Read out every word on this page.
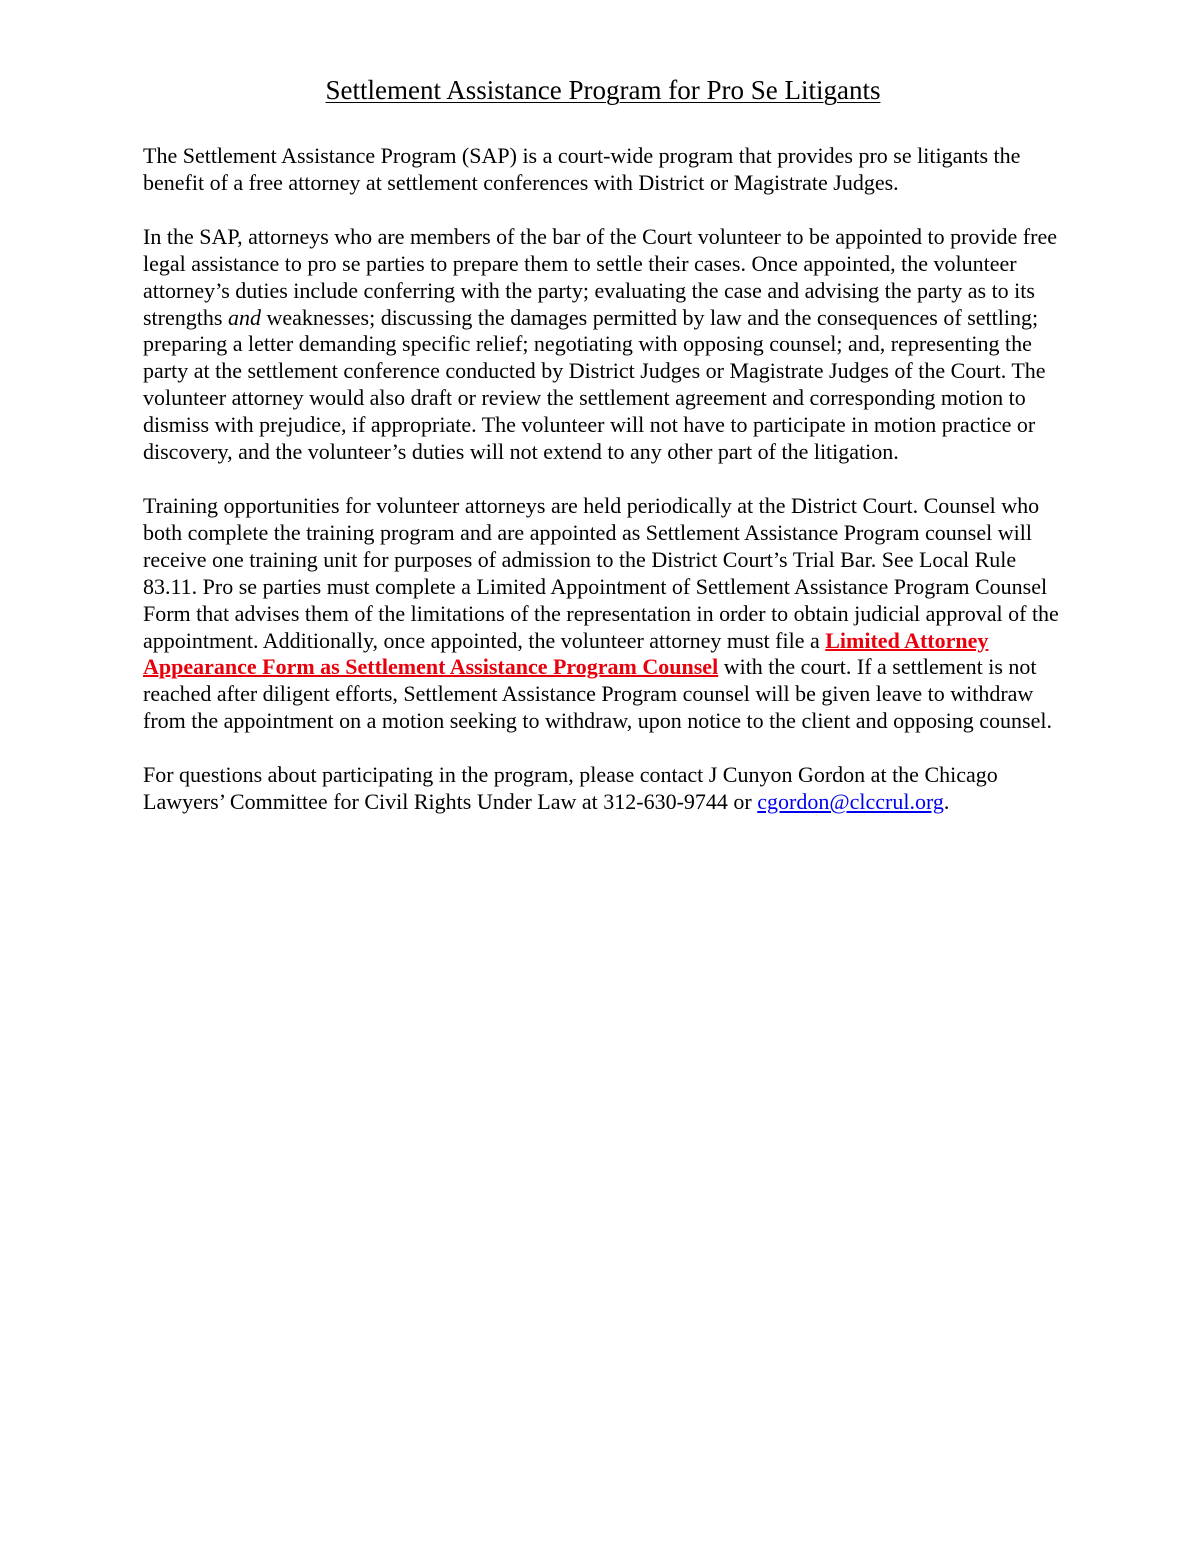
Settlement Assistance Program for Pro Se Litigants

The Settlement Assistance Program (SAP) is a court-wide program that provides pro se litigants the benefit of a free attorney at settlement conferences with District or Magistrate Judges.

In the SAP, attorneys who are members of the bar of the Court volunteer to be appointed to provide free legal assistance to pro se parties to prepare them to settle their cases. Once appointed, the volunteer attorney’s duties include conferring with the party; evaluating the case and advising the party as to its strengths and weaknesses; discussing the damages permitted by law and the consequences of settling; preparing a letter demanding specific relief; negotiating with opposing counsel; and, representing the party at the settlement conference conducted by District Judges or Magistrate Judges of the Court. The volunteer attorney would also draft or review the settlement agreement and corresponding motion to dismiss with prejudice, if appropriate. The volunteer will not have to participate in motion practice or discovery, and the volunteer’s duties will not extend to any other part of the litigation.

Training opportunities for volunteer attorneys are held periodically at the District Court. Counsel who both complete the training program and are appointed as Settlement Assistance Program counsel will receive one training unit for purposes of admission to the District Court’s Trial Bar. See Local Rule 83.11. Pro se parties must complete a Limited Appointment of Settlement Assistance Program Counsel Form that advises them of the limitations of the representation in order to obtain judicial approval of the appointment. Additionally, once appointed, the volunteer attorney must file a Limited Attorney Appearance Form as Settlement Assistance Program Counsel with the court. If a settlement is not reached after diligent efforts, Settlement Assistance Program counsel will be given leave to withdraw from the appointment on a motion seeking to withdraw, upon notice to the client and opposing counsel.

For questions about participating in the program, please contact J Cunyon Gordon at the Chicago Lawyers’ Committee for Civil Rights Under Law at 312-630-9744 or cgordon@clccrul.org.
